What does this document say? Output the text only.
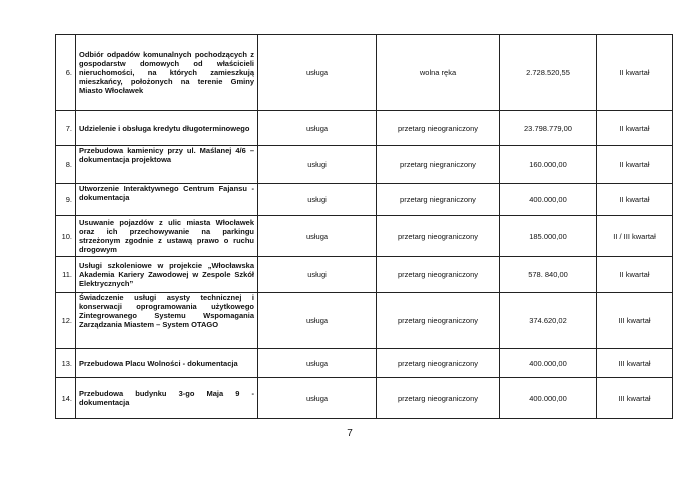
6.	Odbiór odpadów komunalnych pochodzących z gospodarstw domowych od właścicieli nieruchomości, na których zamieszkują mieszkańcy, położonych na terenie Gminy Miasto Włocławek	usługa	wolna ręka	2.728.520,55	II kwartał
7.	Udzielenie i obsługa kredytu długoterminowego	usługa	przetarg nieograniczony	23.798.779,00	II kwartał
8.	Przebudowa kamienicy przy ul. Maślanej 4/6 – dokumentacja projektowa	usługi	przetarg niegraniczony	160.000,00	II kwartał
9.	Utworzenie Interaktywnego Centrum Fajansu - dokumentacja	usługi	przetarg niegraniczony	400.000,00	II kwartał
10.	Usuwanie pojazdów z ulic miasta Włocławek oraz ich przechowywanie na parkingu strzeżonym zgodnie z ustawą prawo o ruchu drogowym	usługa	przetarg nieograniczony	185.000,00	II / III kwartał
11.	Usługi szkoleniowe w projekcie „Włocławska Akademia Kariery Zawodowej w Zespole Szkół Elektrycznych”	usługi	przetarg nieograniczony	578. 840,00	II kwartał
12.	Świadczenie usługi asysty technicznej i konserwacji oprogramowania użytkowego Zintegrowanego Systemu Wspomagania Zarządzania Miastem – System OTAGO	usługa	przetarg nieograniczony	374.620,02	III kwartał
13.	Przebudowa Placu Wolności - dokumentacja	usługa	przetarg nieograniczony	400.000,00	III kwartał
14.	Przebudowa budynku 3-go Maja 9 - dokumentacja	usługa	przetarg nieograniczony	400.000,00	III kwartał
7
